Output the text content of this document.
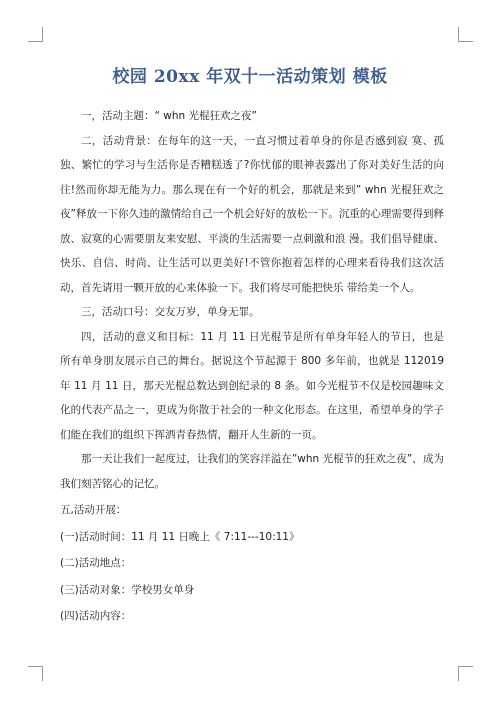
校园 20xx 年双十一活动策划 模板

一，活动主题：“ whn 光棍狂欢之夜”

二，活动背景：在每年的这一天，一直习惯过着单身的你是否感到寂 寞、孤独、繁忙的学习与生活你是否糟糕透了?你忧郁的眼神表露出了你对美好生活的向往!然而你却无能为力。那么现在有一个好的机会，那就是来到” whn 光棍狂欢之夜”释放一下你久违的激情给自己一个机会好好的放松一下。沉重的心理需要得到释放、寂寞的心需要朋友来安慰、平淡的生活需要一点刺激和浪 漫。我们倡导健康、快乐、自信、时尚、让生活可以更美好!不管你抱着怎样的心理来看待我们这次活动，首先请用一颗开放的心来体验一下。我们将尽可能把快乐 带给美一个人。

三，活动口号：交友万岁，单身无罪。

四，活动的意义和目标：11 月 11 日光棍节是所有单身年轻人的节日，也是 所有单身朋友展示自己的舞台。据说这个节起源于 800 多年前，也就是 112019 年 11 月 11 日，那天光棍总数达到创纪录的 8 条。如今光棍节不仅是校园趣味文 化的代表产品之一，更成为你散于社会的一种文化形态。在这里，希望单身的学子们能在我们的组织下挥洒青春热情，翻开人生新的一页。

那一天让我们一起度过，让我们的笑容洋溢在”whn 光棍节的狂欢之夜”，成为我们刻苦铭心的记忆。

五,活动开展：

(一)活动时间：11 月 11 日晚上《 7:11---10:11》

(二)活动地点：

(三)活动对象：学校男女单身

(四)活动内容：
